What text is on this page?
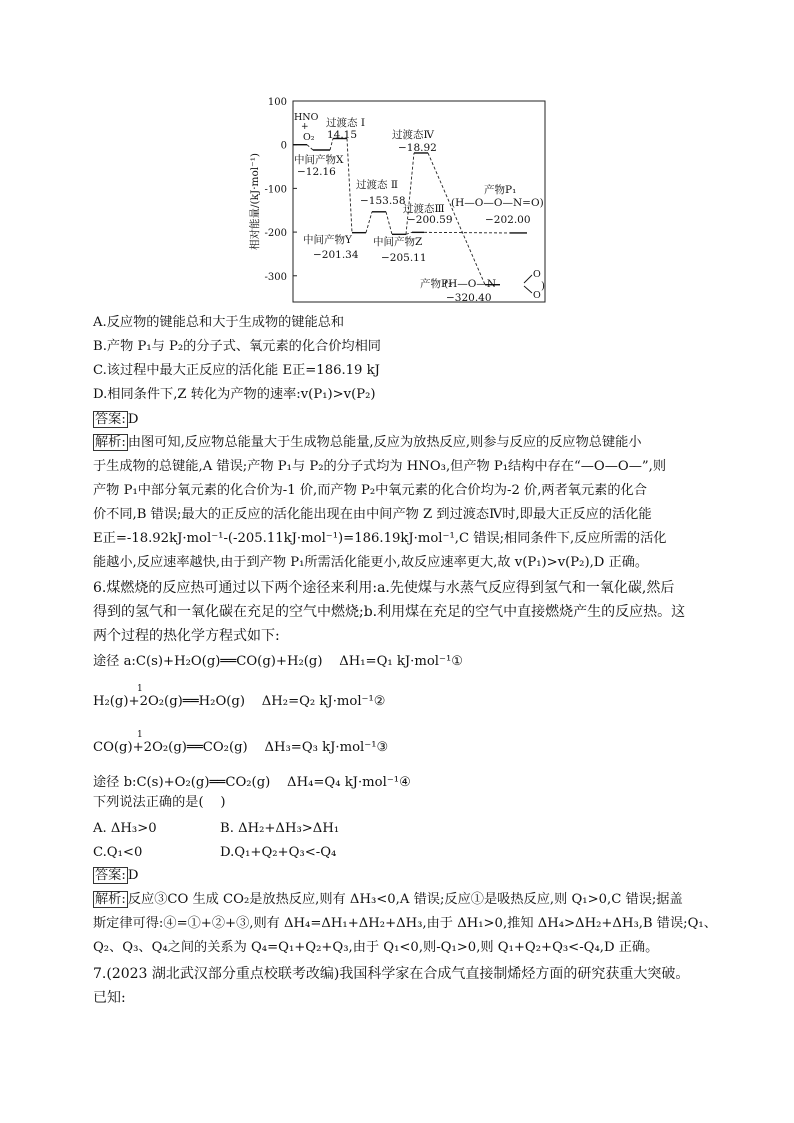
100
0
-100
-200
-300
相对能量/(kJ·mol⁻¹)
HNO
+
O₂
过渡态 Ⅰ
14.15
中间产物X
−12.16
过渡态 Ⅱ
−153.58
中间产物Y
−201.34
中间产物Z
−205.11
过渡态Ⅲ
−200.59
过渡态Ⅳ
−18.92
产物P₁
(H—O—O—N=O)
−202.00
产物P₂
(H—O—N
−320.40
O
O
)
A.反应物的键能总和大于生成物的键能总和
B.产物 P₁与 P₂的分子式、氧元素的化合价均相同
C.该过程中最大正反应的活化能 E正=186.19 kJ
D.相同条件下,Z 转化为产物的速率:v(P₁)>v(P₂)
答案: D
解析: 由图可知,反应物总能量大于生成物总能量,反应为放热反应,则参与反应的反应物总键能小
于生成物的总键能,A 错误;产物 P₁与 P₂的分子式均为 HNO₃,但产物 P₁结构中存在“—O—O—”,则
产物 P₁中部分氧元素的化合价为-1 价,而产物 P₂中氧元素的化合价均为-2 价,两者氧元素的化合
价不同,B 错误;最大的正反应的活化能出现在由中间产物 Z 到过渡态Ⅳ时,即最大正反应的活化能
E正=-18.92kJ·mol⁻¹-(-205.11kJ·mol⁻¹)=186.19kJ·mol⁻¹,C 错误;相同条件下,反应所需的活化
能越小,反应速率越快,由于到产物 P₁所需活化能更小,故反应速率更大,故 v(P₁)>v(P₂),D 正确。
6.煤燃烧的反应热可通过以下两个途径来利用:a.先使煤与水蒸气反应得到氢气和一氧化碳,然后
得到的氢气和一氧化碳在充足的空气中燃烧;b.利用煤在充足的空气中直接燃烧产生的反应热。这
两个过程的热化学方程式如下:
途径 a:C(s)+H₂O(g)══CO(g)+H₂(g)    ΔH₁=Q₁ kJ·mol⁻¹①
1
H₂(g)+2O₂(g)══H₂O(g)    ΔH₂=Q₂ kJ·mol⁻¹②
1
CO(g)+2O₂(g)══CO₂(g)    ΔH₃=Q₃ kJ·mol⁻¹③
途径 b:C(s)+O₂(g)══CO₂(g)    ΔH₄=Q₄ kJ·mol⁻¹④
下列说法正确的是(    )
A. ΔH₃>0	B. ΔH₂+ΔH₃>ΔH₁
C.Q₁<0	D.Q₁+Q₂+Q₃<-Q₄
答案: D
解析: 反应③CO 生成 CO₂是放热反应,则有 ΔH₃<0,A 错误;反应①是吸热反应,则 Q₁>0,C 错误;据盖
斯定律可得:④=①+②+③,则有 ΔH₄=ΔH₁+ΔH₂+ΔH₃,由于 ΔH₁>0,推知 ΔH₄>ΔH₂+ΔH₃,B 错误;Q₁、
Q₂、Q₃、Q₄之间的关系为 Q₄=Q₁+Q₂+Q₃,由于 Q₁<0,则-Q₁>0,则 Q₁+Q₂+Q₃<-Q₄,D 正确。
7.(2023 湖北武汉部分重点校联考改编)我国科学家在合成气直接制烯烃方面的研究获重大突破。
已知:
